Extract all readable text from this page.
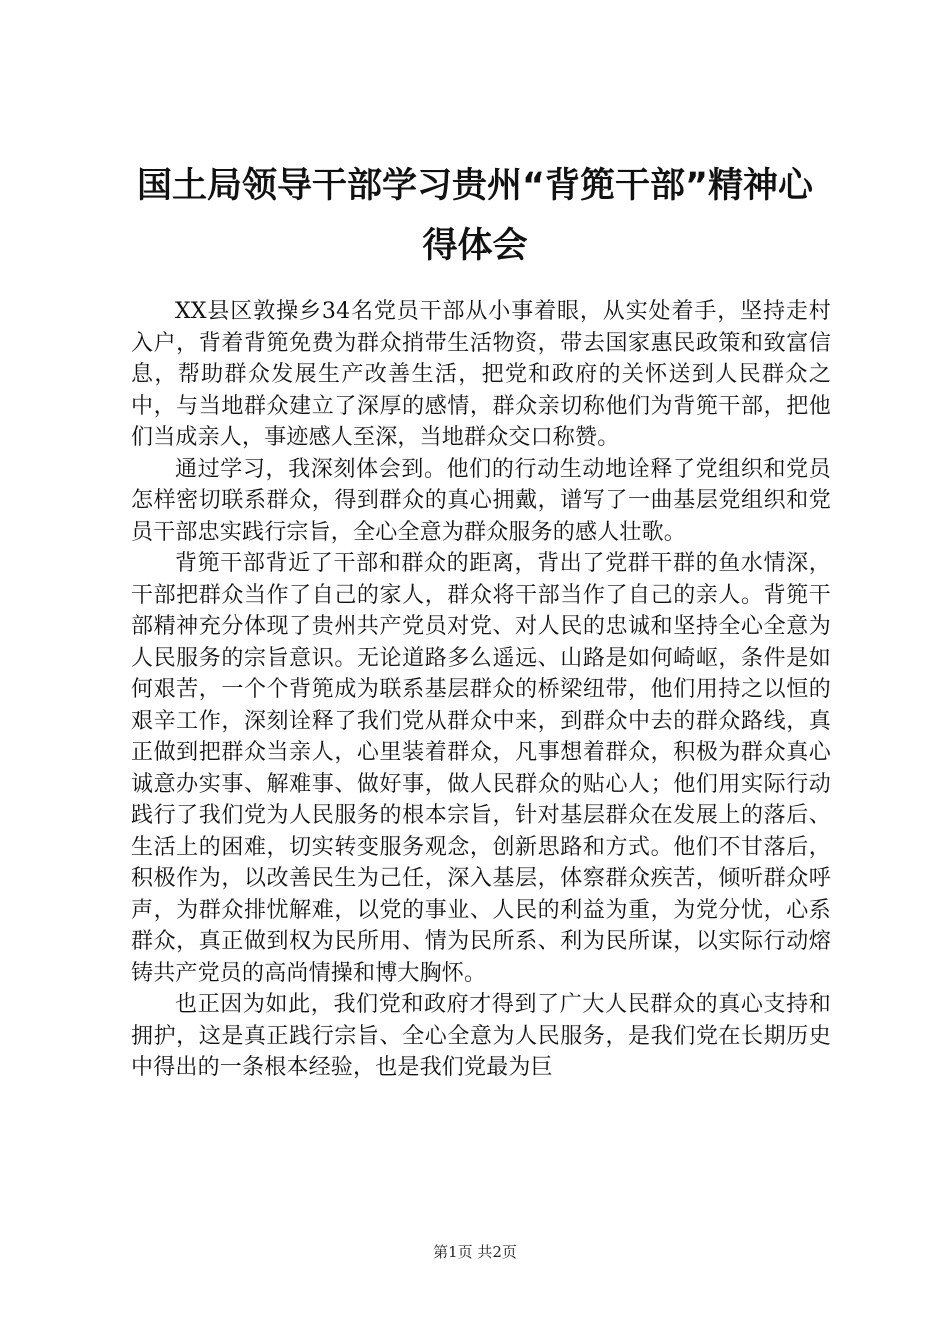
国土局领导干部学习贵州“背篼干部”精神心
得体会

XX县区敦操乡34名党员干部从小事着眼，从实处着手，坚持走村入户，背着背篼免费为群众捎带生活物资，带去国家惠民政策和致富信息，帮助群众发展生产改善生活，把党和政府的关怀送到人民群众之中，与当地群众建立了深厚的感情，群众亲切称他们为背篼干部，把他们当成亲人，事迹感人至深，当地群众交口称赞。

通过学习，我深刻体会到。他们的行动生动地诠释了党组织和党员怎样密切联系群众，得到群众的真心拥戴，谱写了一曲基层党组织和党员干部忠实践行宗旨，全心全意为群众服务的感人壮歌。

背篼干部背近了干部和群众的距离，背出了党群干群的鱼水情深，干部把群众当作了自己的家人，群众将干部当作了自己的亲人。背篼干部精神充分体现了贵州共产党员对党、对人民的忠诚和坚持全心全意为人民服务的宗旨意识。无论道路多么遥远、山路是如何崎岖，条件是如何艰苦，一个个背篼成为联系基层群众的桥梁纽带，他们用持之以恒的艰辛工作，深刻诠释了我们党从群众中来，到群众中去的群众路线，真正做到把群众当亲人，心里装着群众，凡事想着群众，积极为群众真心诚意办实事、解难事、做好事，做人民群众的贴心人；他们用实际行动践行了我们党为人民服务的根本宗旨，针对基层群众在发展上的落后、生活上的困难，切实转变服务观念，创新思路和方式。他们不甘落后，积极作为，以改善民生为己任，深入基层，体察群众疾苦，倾听群众呼声，为群众排忧解难，以党的事业、人民的利益为重，为党分忧，心系群众，真正做到权为民所用、情为民所系、利为民所谋，以实际行动熔铸共产党员的高尚情操和博大胸怀。

也正因为如此，我们党和政府才得到了广大人民群众的真心支持和拥护，这是真正践行宗旨、全心全意为人民服务，是我们党在长期历史中得出的一条根本经验，也是我们党最为巨

第1页 共2页
